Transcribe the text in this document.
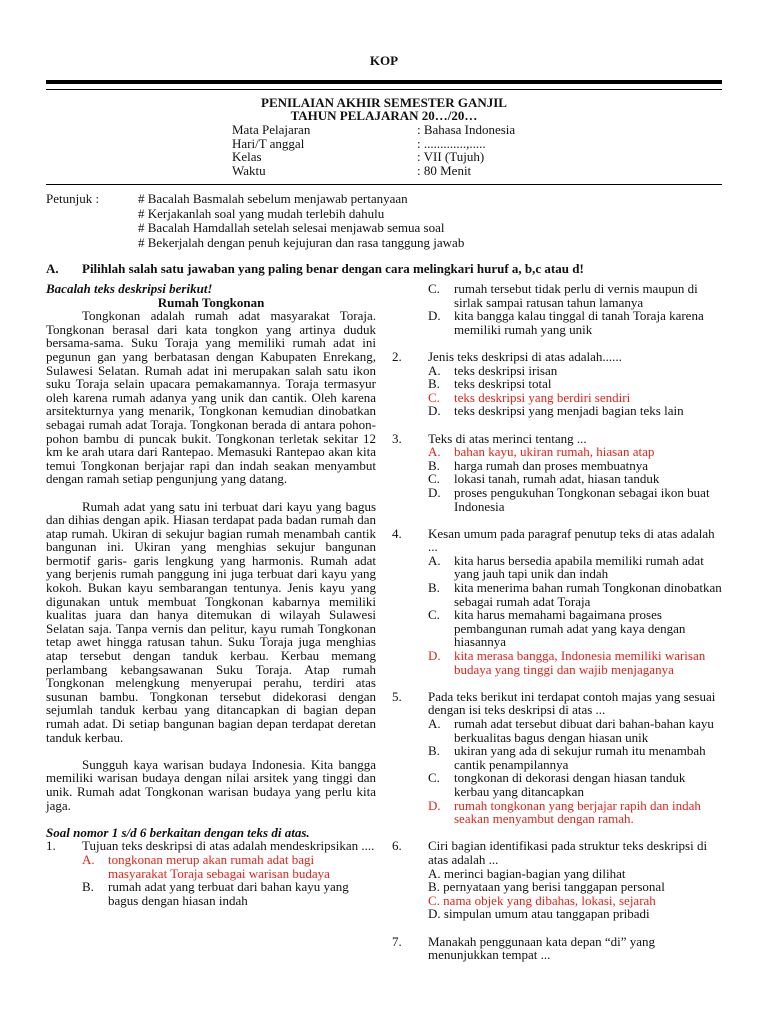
KOP
PENILAIAN AKHIR SEMESTER GANJIL
TAHUN PELAJARAN 20…/20…
Mata Pelajaran	: Bahasa Indonesia
Hari/T anggal	: .............,.....
Kelas	: VII (Tujuh)
Waktu	: 80 Menit
Petunjuk :	# Bacalah Basmalah sebelum menjawab pertanyaan
# Kerjakanlah soal yang mudah terlebih dahulu
# Bacalah Hamdallah setelah selesai menjawab semua soal
# Bekerjalah dengan penuh kejujuran dan rasa tanggung jawab
A. Pilihlah salah satu jawaban yang paling benar dengan cara melingkari huruf a, b,c atau d!
Bacalah teks deskripsi berikut!
Rumah Tongkonan

Tongkonan adalah rumah adat masyarakat Toraja. Tongkonan berasal dari kata tongkon yang artinya duduk bersama-sama. Suku Toraja yang memiliki rumah adat ini pegunun gan yang berbatasan dengan Kabupaten Enrekang, Sulawesi Selatan. Rumah adat ini merupakan salah satu ikon suku Toraja selain upacara pemakamannya. Toraja termasyur oleh karena rumah adanya yang unik dan cantik. Oleh karena arsitekturnya yang menarik, Tongkonan kemudian dinobatkan sebagai rumah adat Toraja. Tongkonan berada di antara pohon-pohon bambu di puncak bukit. Tongkonan terletak sekitar 12 km ke arah utara dari Rantepao. Memasuki Rantepao akan kita temui Tongkonan berjajar rapi dan indah seakan menyambut dengan ramah setiap pengunjung yang datang.

Rumah adat yang satu ini terbuat dari kayu yang bagus dan dihias dengan apik. Hiasan terdapat pada badan rumah dan atap rumah. Ukiran di sekujur bagian rumah menambah cantik bangunan ini. Ukiran yang menghias sekujur bangunan bermotif garis- garis lengkung yang harmonis. Rumah adat yang berjenis rumah panggung ini juga terbuat dari kayu yang kokoh. Bukan kayu sembarangan tentunya. Jenis kayu yang digunakan untuk membuat Tongkonan kabarnya memiliki kualitas juara dan hanya ditemukan di wilayah Sulawesi Selatan saja. Tanpa vernis dan pelitur, kayu rumah Tongkonan tetap awet hingga ratusan tahun. Suku Toraja juga menghias atap tersebut dengan tanduk kerbau. Kerbau memang perlambang kebangsawanan Suku Toraja. Atap rumah Tongkonan melengkung menyerupai perahu, terdiri atas susunan bambu. Tongkonan tersebut didekorasi dengan sejumlah tanduk kerbau yang ditancapkan di bagian depan rumah adat. Di setiap bangunan bagian depan terdapat deretan tanduk kerbau.

Sungguh kaya warisan budaya Indonesia. Kita bangga memiliki warisan budaya dengan nilai arsitek yang tinggi dan unik. Rumah adat Tongkonan warisan budaya yang perlu kita jaga.

Soal nomor 1 s/d 6 berkaitan dengan teks di atas.
1.	Tujuan teks deskripsi di atas adalah mendeskripsikan ....
A.	tongkonan merup akan rumah adat bagi masyarakat Toraja sebagai warisan budaya
B.	rumah adat yang terbuat dari bahan kayu yang bagus dengan hiasan indah
C.	rumah tersebut tidak perlu di vernis maupun di sirlak sampai ratusan tahun lamanya
D.	kita bangga kalau tinggal di tanah Toraja karena memiliki rumah yang unik
2.	Jenis teks deskripsi di atas adalah......
A.	teks deskripsi irisan
B.	teks deskripsi total
C.	teks deskripsi yang berdiri sendiri
D.	teks deskripsi yang menjadi bagian teks lain
3.	Teks di atas merinci tentang ...
A.	bahan kayu, ukiran rumah, hiasan atap
B.	harga rumah dan proses membuatnya
C.	lokasi tanah, rumah adat, hiasan tanduk
D.	proses pengukuhan Tongkonan sebagai ikon buat Indonesia
4.	Kesan umum pada paragraf penutup teks di atas adalah ...
A.	kita harus bersedia apabila memiliki rumah adat yang jauh tapi unik dan indah
B.	kita menerima bahan rumah Tongkonan dinobatkan sebagai rumah adat Toraja
C.	kita harus memahami bagaimana proses pembangunan rumah adat yang kaya dengan hiasannya
D.	kita merasa bangga, Indonesia memiliki warisan budaya yang tinggi dan wajib menjaganya
5.	Pada teks berikut ini terdapat contoh majas yang sesuai dengan isi teks deskripsi di atas ...
A.	rumah adat tersebut dibuat dari bahan-bahan kayu berkualitas bagus dengan hiasan unik
B.	ukiran yang ada di sekujur rumah itu menambah cantik penampilannya
C.	tongkonan di dekorasi dengan hiasan tanduk kerbau yang ditancapkan
D.	rumah tongkonan yang berjajar rapih dan indah seakan menyambut dengan ramah.
6.	Ciri bagian identifikasi pada struktur teks deskripsi di atas adalah ...
A. merinci bagian-bagian yang dilihat
B. pernyataan yang berisi tanggapan personal
C. nama objek yang dibahas, lokasi, sejarah
D. simpulan umum atau tanggapan pribadi
7.	Manakah penggunaan kata depan “di” yang menunjukkan tempat ...
